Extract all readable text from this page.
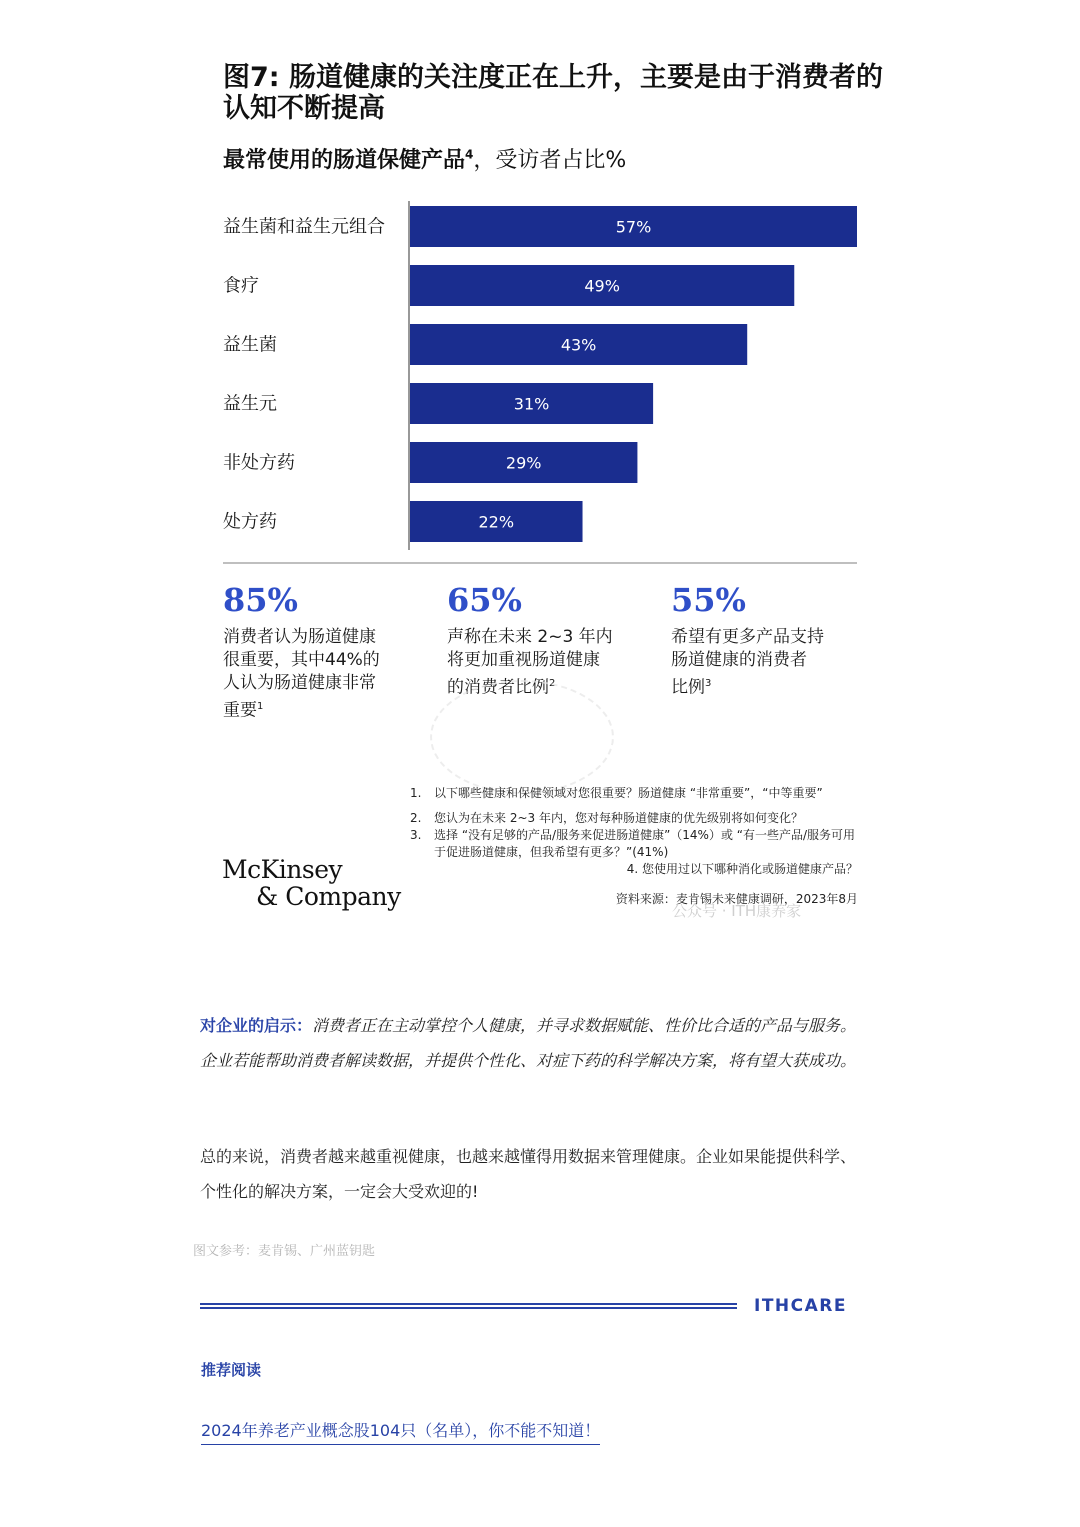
图7: 肠道健康的关注度正在上升，主要是由于消费者的认知不断提高
最常使用的肠道保健产品$^4$，受访者占比%
益生菌和益生元组合	57%
食疗	49%
益生菌	43%
益生元	31%
非处方药	29%
处方药	22%
85%
消费者认为肠道健康
很重要，其中44%的
人认为肠道健康非常
重要$^1$
65%
声称在未来 2~3 年内
将更加重视肠道健康
的消费者比例$^2$
55%
希望有更多产品支持
肠道健康的消费者
比例$^3$
1.	以下哪些健康和保健领域对您很重要？肠道健康 “非常重要”，“中等重要”
2.	您认为在未来 2~3 年内，您对每种肠道健康的优先级别将如何变化？
3.	选择 “没有足够的产品/服务来促进肠道健康”（14%）或 “有一些产品/服务可用于促进肠道健康，但我希望有更多？”(41%)
4. 您使用过以下哪种消化或肠道健康产品？
资料来源：麦肯锡未来健康调研，2023年8月
公众号 · ITH康养家
McKinsey
& Company
对企业的启示：消费者正在主动掌控个人健康，并寻求数据赋能、性价比合适的产品与服务。企业若能帮助消费者解读数据，并提供个性化、对症下药的科学解决方案，将有望大获成功。
总的来说，消费者越来越重视健康，也越来越懂得用数据来管理健康。企业如果能提供科学、个性化的解决方案，一定会大受欢迎的!
图文参考：麦肯锡、广州蓝钥匙
ITHCARE
推荐阅读
2024年养老产业概念股104只（名单），你不能不知道！
